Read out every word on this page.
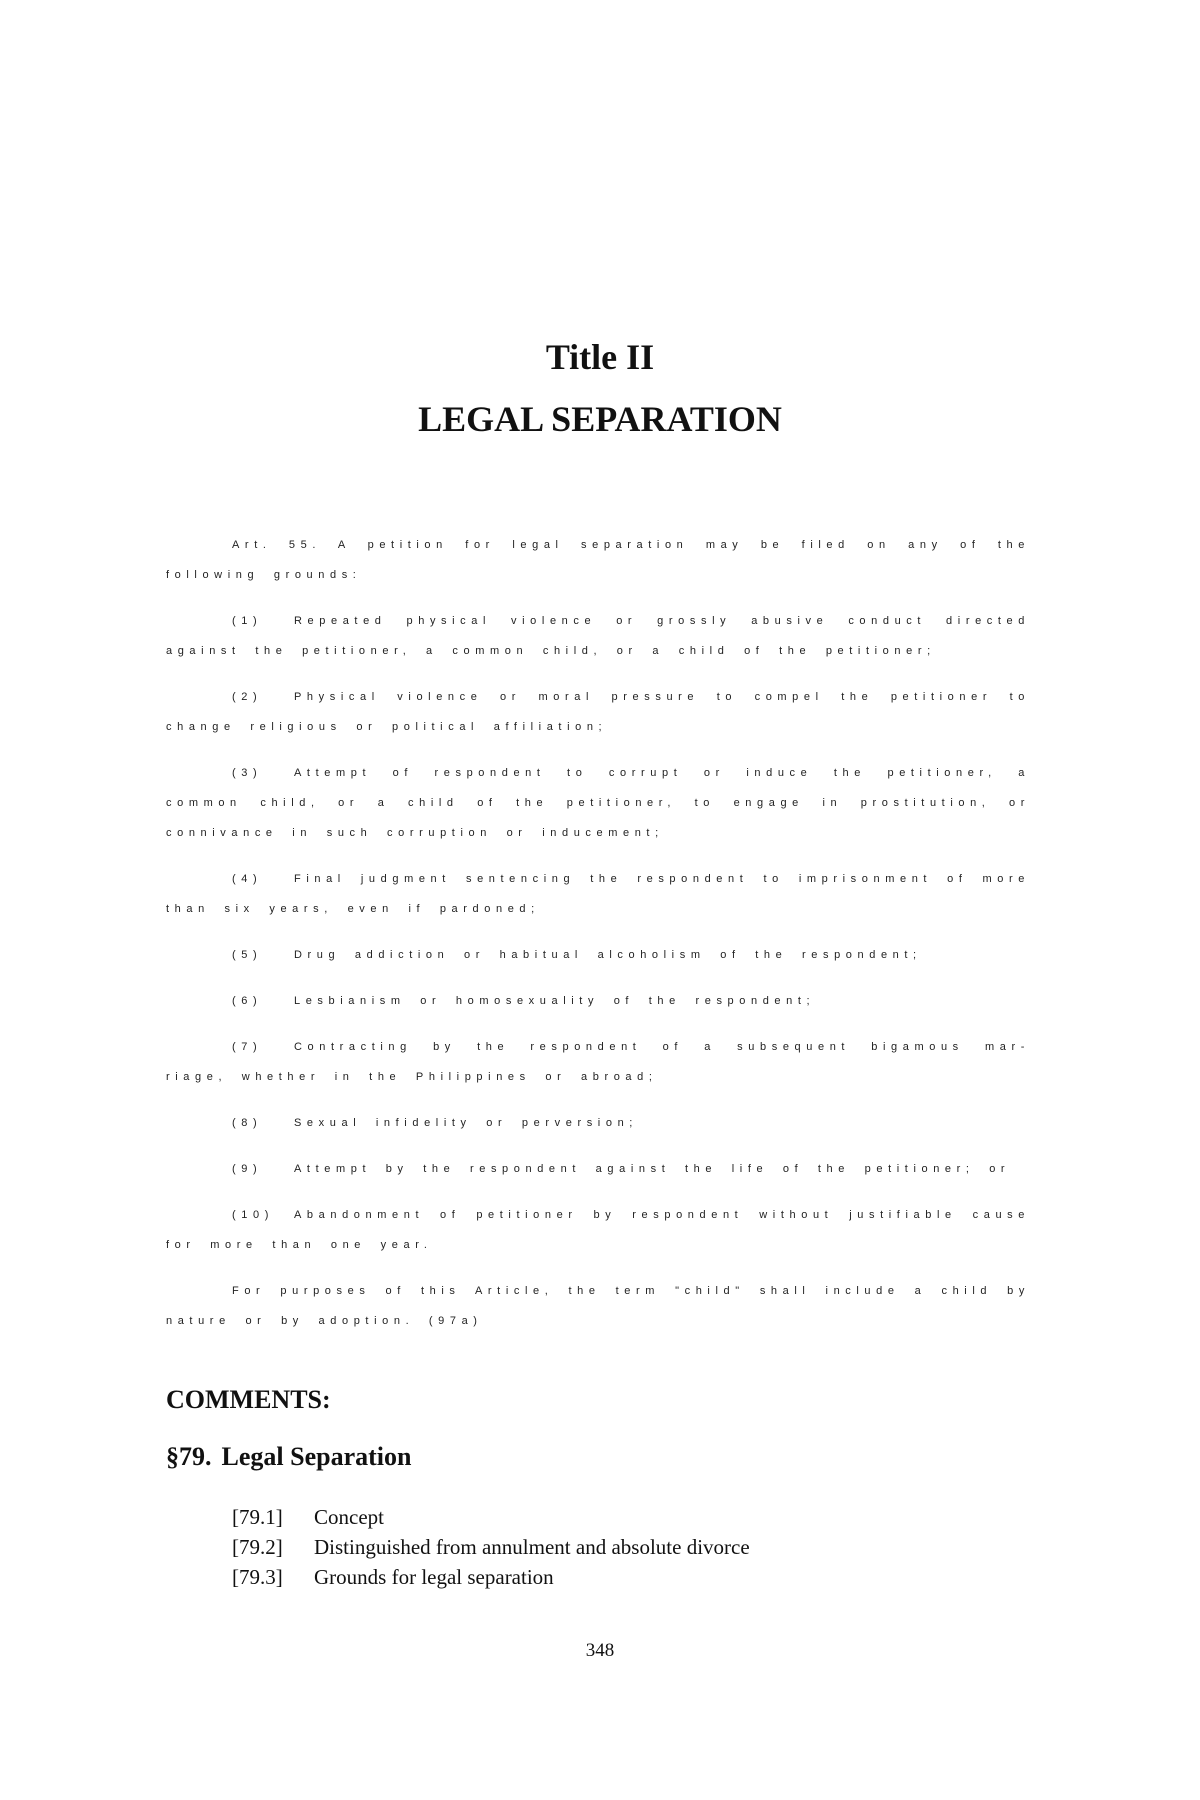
Title II
LEGAL SEPARATION

Art. 55. A petition for legal separation may be filed on any of the following grounds:

(1)	Repeated physical violence or grossly abusive conduct directed against the petitioner, a common child, or a child of the petitioner;

(2)	Physical violence or moral pressure to compel the petitioner to change religious or political affiliation;

(3)	Attempt of respondent to corrupt or induce the petitioner, a common child, or a child of the petitioner, to engage in prostitution, or connivance in such corruption or inducement;

(4)	Final judgment sentencing the respondent to imprisonment of more than six years, even if pardoned;

(5)	Drug addiction or habitual alcoholism of the respondent;

(6)	Lesbianism or homosexuality of the respondent;

(7)	Contracting by the respondent of a subsequent bigamous mar-riage, whether in the Philippines or abroad;

(8)	Sexual infidelity or perversion;

(9)	Attempt by the respondent against the life of the petitioner; or

(10) Abandonment of petitioner by respondent without justifiable cause for more than one year.

For purposes of this Article, the term "child" shall include a child by nature or by adoption. (97a)

COMMENTS:
§79. Legal Separation
[79.1]	Concept
[79.2]	Distinguished from annulment and absolute divorce
[79.3]	Grounds for legal separation
348
